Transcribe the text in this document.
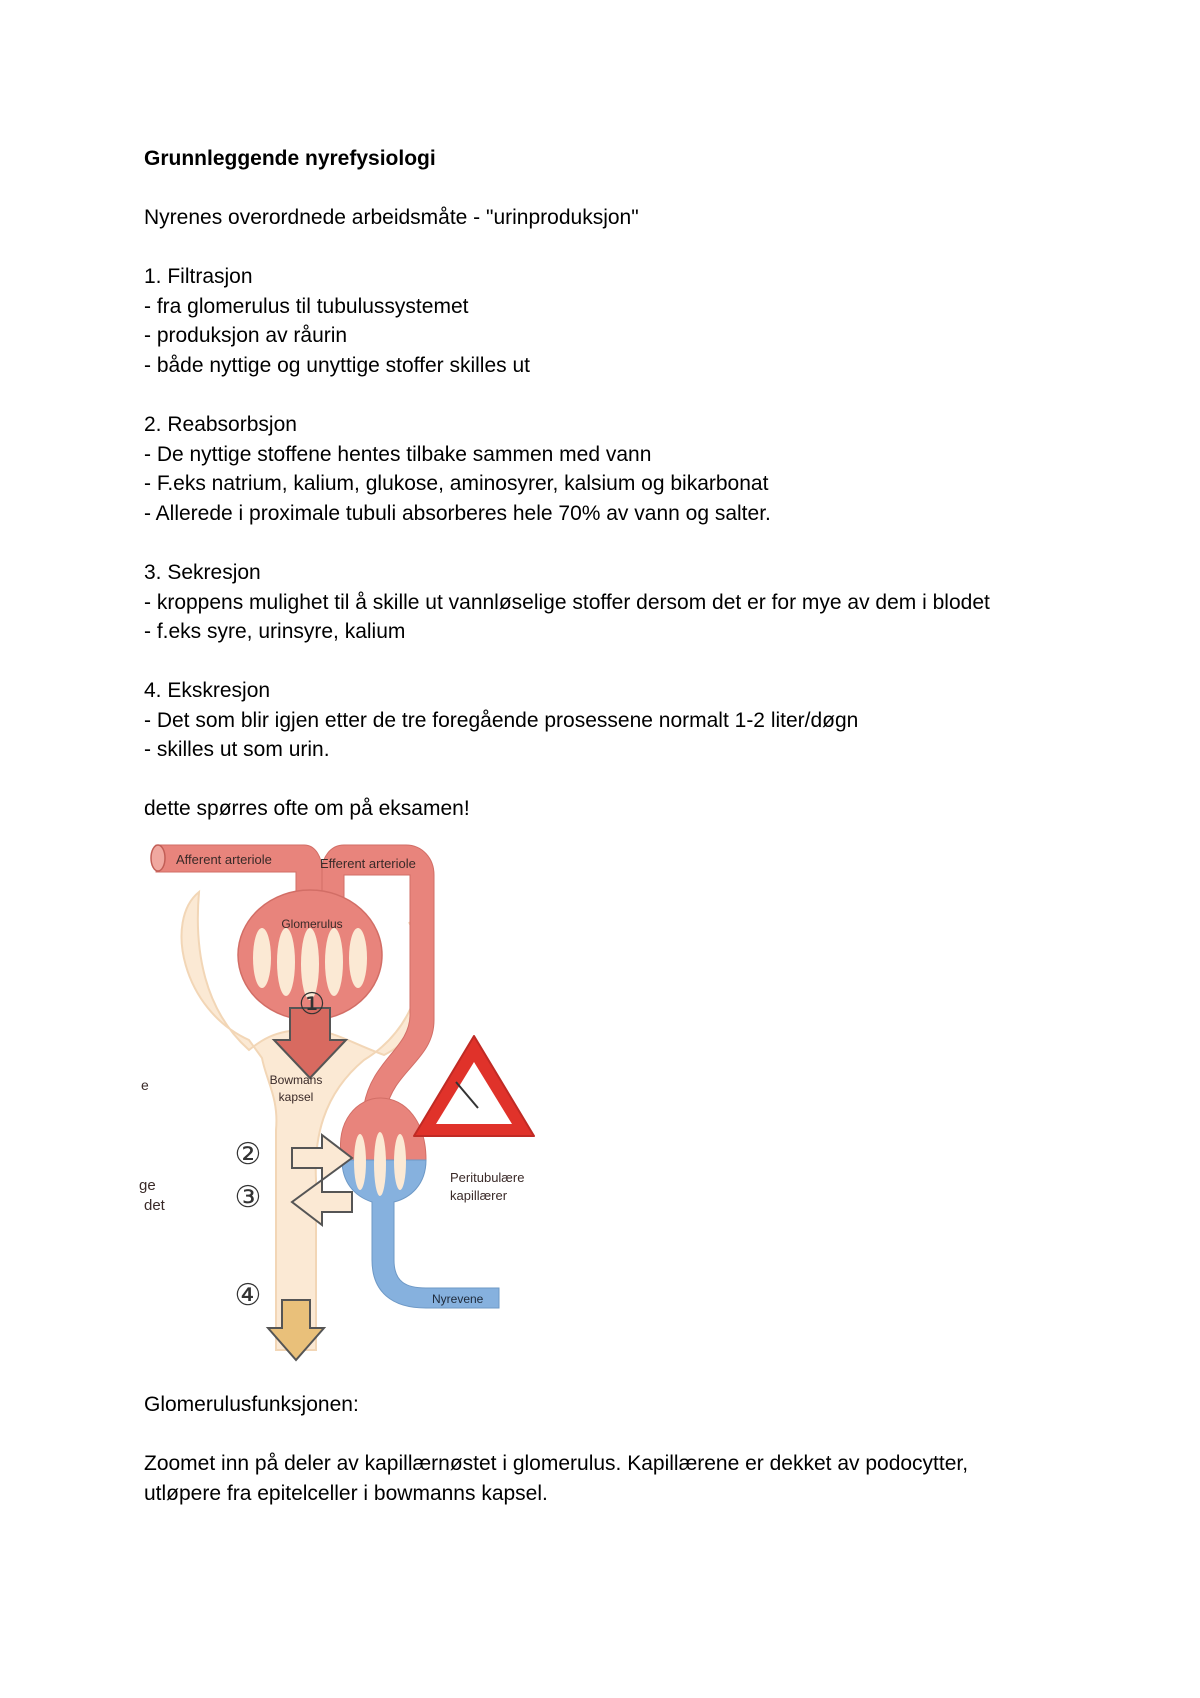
Grunnleggende nyrefysiologi
Nyrenes overordnede arbeidsmåte - "urinproduksjon"
1. Filtrasjon
- fra glomerulus til tubulussystemet
- produksjon av råurin
- både nyttige og unyttige stoffer skilles ut
2. Reabsorbsjon
- De nyttige stoffene hentes tilbake sammen med vann
- F.eks natrium, kalium, glukose, aminosyrer, kalsium og bikarbonat
- Allerede i proximale tubuli absorberes hele 70% av vann og salter.
3. Sekresjon
- kroppens mulighet til å skille ut vannløselige stoffer dersom det er for mye av dem i blodet
- f.eks syre, urinsyre, kalium
4. Ekskresjon
- Det som blir igjen etter de tre foregående prosessene normalt 1-2 liter/døgn
- skilles ut som urin.
dette spørres ofte om på eksamen!
①
②
③
④
Afferent arteriole	Efferent arteriole
Glomerulus
Bowmans
kapsel
Peritubulære
kapillærer
Nyrevene
e
ge
det
Glomerulusfunksjonen:
Zoomet inn på deler av kapillærnøstet i glomerulus. Kapillærene er dekket av podocytter,
utløpere fra epitelceller i bowmanns kapsel.
